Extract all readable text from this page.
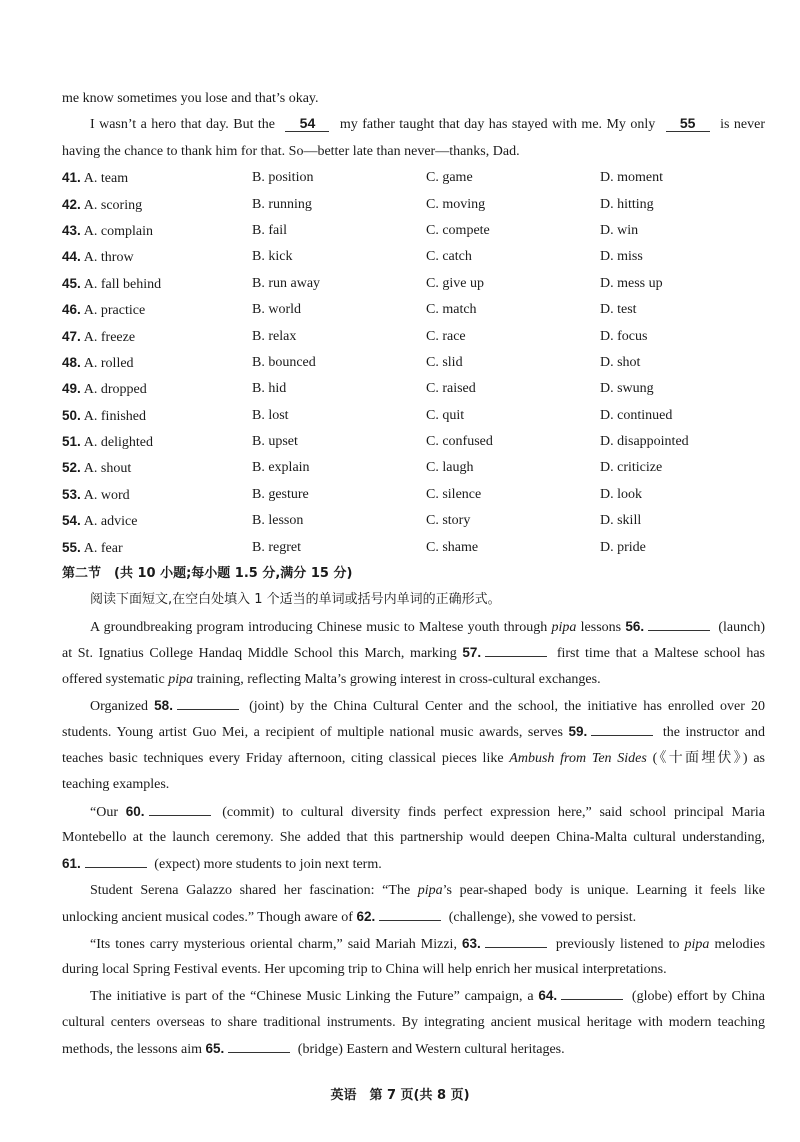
me know sometimes you lose and that’s okay.
I wasn’t a hero that day. But the 54 my father taught that day has stayed with me. My only 55 is never
having the chance to thank him for that. So—better late than never—thanks, Dad.
41. A. team	B. position	C. game	D. moment
42. A. scoring	B. running	C. moving	D. hitting
43. A. complain	B. fail	C. compete	D. win
44. A. throw	B. kick	C. catch	D. miss
45. A. fall behind	B. run away	C. give up	D. mess up
46. A. practice	B. world	C. match	D. test
47. A. freeze	B. relax	C. race	D. focus
48. A. rolled	B. bounced	C. slid	D. shot
49. A. dropped	B. hid	C. raised	D. swung
50. A. finished	B. lost	C. quit	D. continued
51. A. delighted	B. upset	C. confused	D. disappointed
52. A. shout	B. explain	C. laugh	D. criticize
53. A. word	B. gesture	C. silence	D. look
54. A. advice	B. lesson	C. story	D. skill
55. A. fear	B. regret	C. shame	D. pride
第二节　(共 10 小题;每小题 1.5 分,满分 15 分)
阅读下面短文,在空白处填入 1 个适当的单词或括号内单词的正确形式。
A groundbreaking program introducing Chinese music to Maltese youth through pipa lessons 56.	(launch)
at St. Ignatius College Handaq Middle School this March, marking 57.	first time that a Maltese school has
offered systematic pipa training, reflecting Malta’s growing interest in cross-cultural exchanges.
Organized 58.	(joint) by the China Cultural Center and the school, the initiative has enrolled over 20
students. Young artist Guo Mei, a recipient of multiple national music awards, serves 59.	the instructor and
teaches basic techniques every Friday afternoon, citing classical pieces like Ambush from Ten Sides (《十面埋伏》) as
teaching examples.
“Our 60.	(commit) to cultural diversity finds perfect expression here,” said school principal Maria
Montebello at the launch ceremony. She added that this partnership would deepen China-Malta cultural understanding,
61.	(expect) more students to join next term.
Student Serena Galazzo shared her fascination: “The pipa’s pear-shaped body is unique. Learning it feels like
unlocking ancient musical codes.” Though aware of 62.	(challenge), she vowed to persist.
“Its tones carry mysterious oriental charm,” said Mariah Mizzi, 63.	previously listened to pipa melodies
during local Spring Festival events. Her upcoming trip to China will help enrich her musical interpretations.
The initiative is part of the “Chinese Music Linking the Future” campaign, a 64.	(globe) effort by China
cultural centers overseas to share traditional instruments. By integrating ancient musical heritage with modern teaching
methods, the lessons aim 65.	(bridge) Eastern and Western cultural heritages.
英语　第 7 页(共 8 页)
